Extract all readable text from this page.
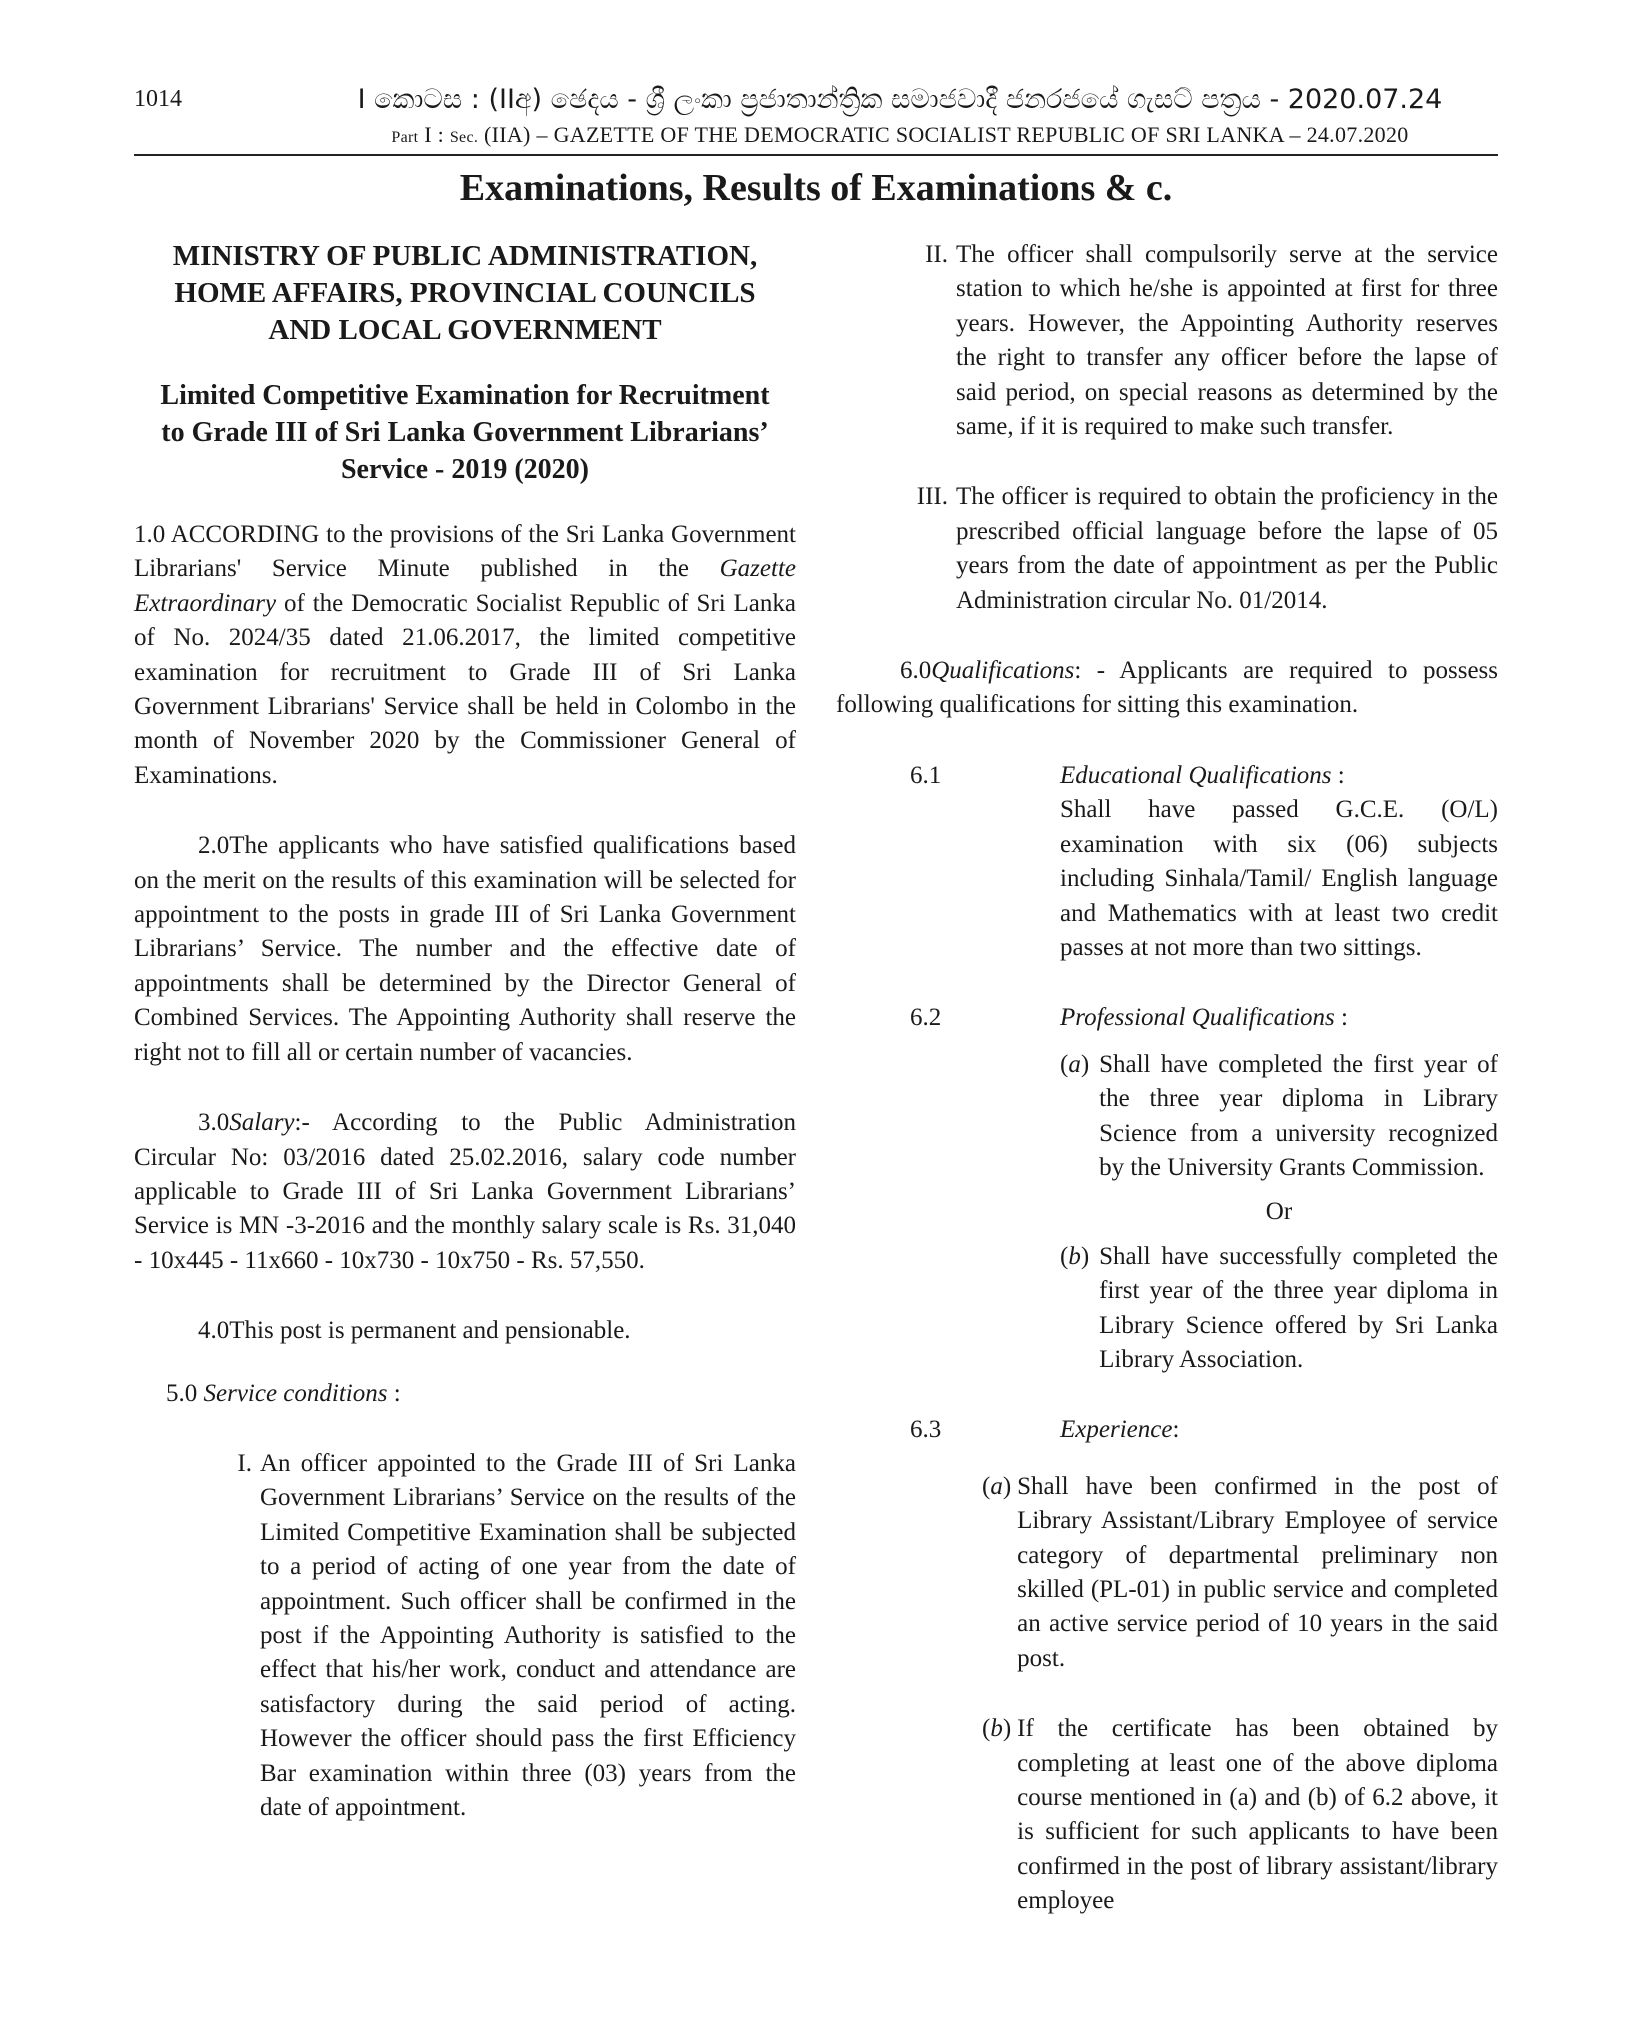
1014	I කොටස : (IIඅ) ඡෙදය - ශ්‍රී ලංකා ප්‍රජාතාන්ත්‍රික සමාජවාදී ජනරජයේ ගැසට් පත්‍රය - 2020.07.24
Part I : Sec. (IIA) – GAZETTE OF THE DEMOCRATIC SOCIALIST REPUBLIC OF SRI LANKA – 24.07.2020
Examinations, Results of Examinations & c.
MINISTRY OF PUBLIC ADMINISTRATION,
HOME AFFAIRS, PROVINCIAL COUNCILS
AND LOCAL GOVERNMENT
Limited Competitive Examination for Recruitment
to Grade III of Sri Lanka Government Librarians’
Service - 2019 (2020)

1.0 ACCORDING to the provisions of the Sri Lanka Government Librarians' Service Minute published in the Gazette Extraordinary of the Democratic Socialist Republic of Sri Lanka of No. 2024/35 dated 21.06.2017, the limited competitive examination for recruitment to Grade III of Sri Lanka Government Librarians' Service shall be held in Colombo in the month of November 2020 by the Commissioner General of Examinations.

2.0The applicants who have satisfied qualifications based on the merit on the results of this examination will be selected for appointment to the posts in grade III of Sri Lanka Government Librarians’ Service. The number and the effective date of appointments shall be determined by the Director General of Combined Services. The Appointing Authority shall reserve the right not to fill all or certain number of vacancies.

3.0Salary:- According to the Public Administration Circular No: 03/2016 dated 25.02.2016, salary code number applicable to Grade III of Sri Lanka Government Librarians’ Service is MN -3-2016 and the monthly salary scale is Rs. 31,040 - 10x445 - 11x660 - 10x730 - 10x750 - Rs. 57,550.

4.0This post is permanent and pensionable.

5.0 Service conditions :

I. An officer appointed to the Grade III of Sri Lanka Government Librarians’ Service on the results of the Limited Competitive Examination shall be subjected to a period of acting of one year from the date of appointment. Such officer shall be confirmed in the post if the Appointing Authority is satisfied to the effect that his/her work, conduct and attendance are satisfactory during the said period of acting. However the officer should pass the first Efficiency Bar examination within three (03) years from the date of appointment.
II. The officer shall compulsorily serve at the service station to which he/she is appointed at first for three years. However, the Appointing Authority reserves the right to transfer any officer before the lapse of said period, on special reasons as determined by the same, if it is required to make such transfer.
III. The officer is required to obtain the proficiency in the prescribed official language before the lapse of 05 years from the date of appointment as per the Public Administration circular No. 01/2014.

6.0Qualifications: - Applicants are required to possess following qualifications for sitting this examination.

6.1	Educational Qualifications :
Shall have passed G.C.E. (O/L) examination with six (06) subjects including Sinhala/Tamil/ English language and Mathematics with at least two credit passes at not more than two sittings.
6.2	Professional Qualifications :
(a) Shall have completed the first year of the three year diploma in Library Science from a university recognized by the University Grants Commission.
Or
(b) Shall have successfully completed the first year of the three year diploma in Library Science offered by Sri Lanka Library Association.
6.3	Experience:
(a) Shall have been confirmed in the post of Library Assistant/Library Employee of service category of departmental preliminary non skilled (PL-01) in public service and completed an active service period of 10 years in the said post.
(b) If the certificate has been obtained by completing at least one of the above diploma course mentioned in (a) and (b) of 6.2 above, it is sufficient for such applicants to have been confirmed in the post of library assistant/library employee
